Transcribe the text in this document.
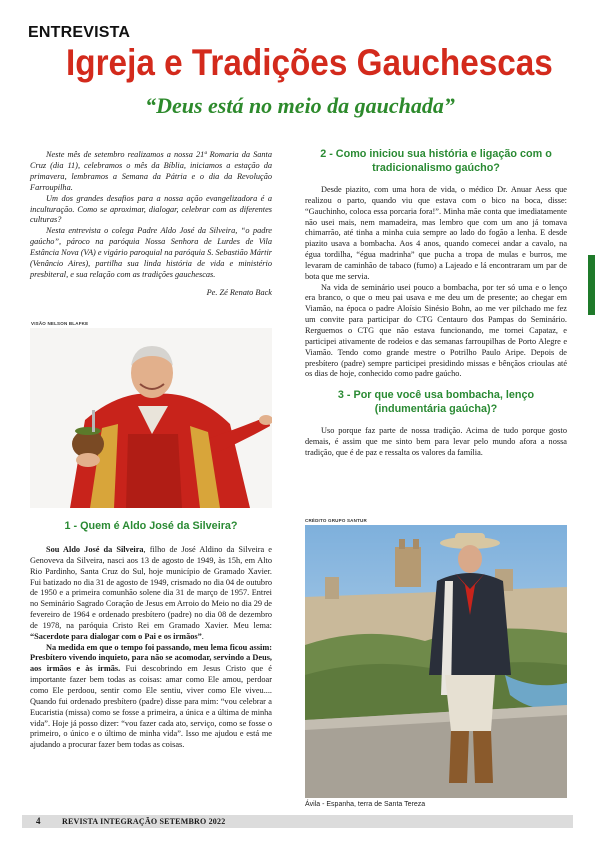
ENTREVISTA
Igreja e Tradições Gauchescas
“Deus está no meio da gauchada”

Neste mês de setembro realizamos a nossa 21ª Romaria da Santa Cruz (dia 11), celebramos o mês da Bíblia, iniciamos a estação da primavera, lembramos a Semana da Pátria e o dia da Revolução Farroupilha.

Um dos grandes desafios para a nossa ação evangelizadora é a inculturação. Como se aproximar, dialogar, celebrar com as diferentes culturas?

Nesta entrevista o colega Padre Aldo José da Silveira, “o padre gaúcho”, pároco na paróquia Nossa Senhora de Lurdes de Vila Estância Nova (VA) e vigário paroquial na paróquia S. Sebastião Mártir (Venâncio Aires), partilha sua linda história de vida e ministério presbiteral, e sua relação com as tradições gauchescas.

Pe. Zé Renato Back
VISÃO NELSON BLAFKE
1 - Quem é Aldo José da Silveira?

Sou Aldo José da Silveira, filho de José Aldino da Silveira e Genoveva da Silveira, nasci aos 13 de agosto de 1949, às 15h, em Alto Rio Pardinho, Santa Cruz do Sul, hoje município de Gramado Xavier. Fui batizado no dia 31 de agosto de 1949, crismado no dia 04 de outubro de 1950 e a primeira comunhão solene dia 31 de março de 1957. Entrei no Seminário Sagrado Coração de Jesus em Arroio do Meio no dia 29 de fevereiro de 1964 e ordenado presbítero (padre) no dia 08 de dezembro de 1978, na paróquia Cristo Rei em Gramado Xavier. Meu lema: “Sacerdote para dialogar com o Pai e os irmãos”.

Na medida em que o tempo foi passando, meu lema ficou assim: Presbítero vivendo inquieto, para não se acomodar, servindo a Deus, aos irmãos e às irmãs. Fui descobrindo em Jesus Cristo que é importante fazer bem todas as coisas: amar como Ele amou, perdoar como Ele perdoou, sentir como Ele sentiu, viver como Ele viveu.... Quando fui ordenado presbítero (padre) disse para mim: “vou celebrar a Eucaristia (missa) como se fosse a primeira, a única e a última de minha vida”. Hoje já posso dizer: “vou fazer cada ato, serviço, como se fosse o primeiro, o único e o último de minha vida”. Isso me ajudou e está me ajudando a procurar fazer bem todas as coisas.

2 - Como iniciou sua história e ligação com o tradicionalismo gaúcho?

Desde piazito, com uma hora de vida, o médico Dr. Anuar Aess que realizou o parto, quando viu que estava com o bico na boca, disse: “Gauchinho, coloca essa porcaria fora!”. Minha mãe conta que imediatamente não usei mais, nem mamadeira, mas lembro que com um ano já tomava chimarrão, até tinha a minha cuia sempre ao lado do fogão a lenha. E desde piazito usava a bombacha. Aos 4 anos, quando comecei andar a cavalo, na égua tordilha, “égua madrinha” que pucha a tropa de mulas e burros, me levaram de caminhão de tabaco (fumo) a Lajeado e lá encontraram um par de bota que me servia.

Na vida de seminário usei pouco a bombacha, por ter só uma e o lenço era branco, o que o meu pai usava e me deu um de presente; ao chegar em Viamão, na época o padre Aloísio Sinésio Bohn, ao me ver pilchado me fez um convite para participar do CTG Centauro dos Pampas do Seminário. Rerguemos o CTG que não estava funcionando, me tornei Capataz, e participei ativamente de rodeios e das semanas farroupilhas de Porto Alegre e Viamão. Tendo como grande mestre o Potrilho Paulo Aripe. Depois de presbítero (padre) sempre participei presidindo missas e bênçãos crioulas até os dias de hoje, conhecido como padre gaúcho.

3 - Por que você usa bombacha, lenço (indumentária gaúcha)?

Uso porque faz parte de nossa tradição. Acima de tudo porque gosto demais, é assim que me sinto bem para levar pelo mundo afora a nossa tradição, que é de paz e ressalta os valores da família.

CRÉDITO GRUPO SANTUR
Ávila - Espanha, terra de Santa Tereza
4	REVISTA INTEGRAÇÃO SETEMBRO 2022
